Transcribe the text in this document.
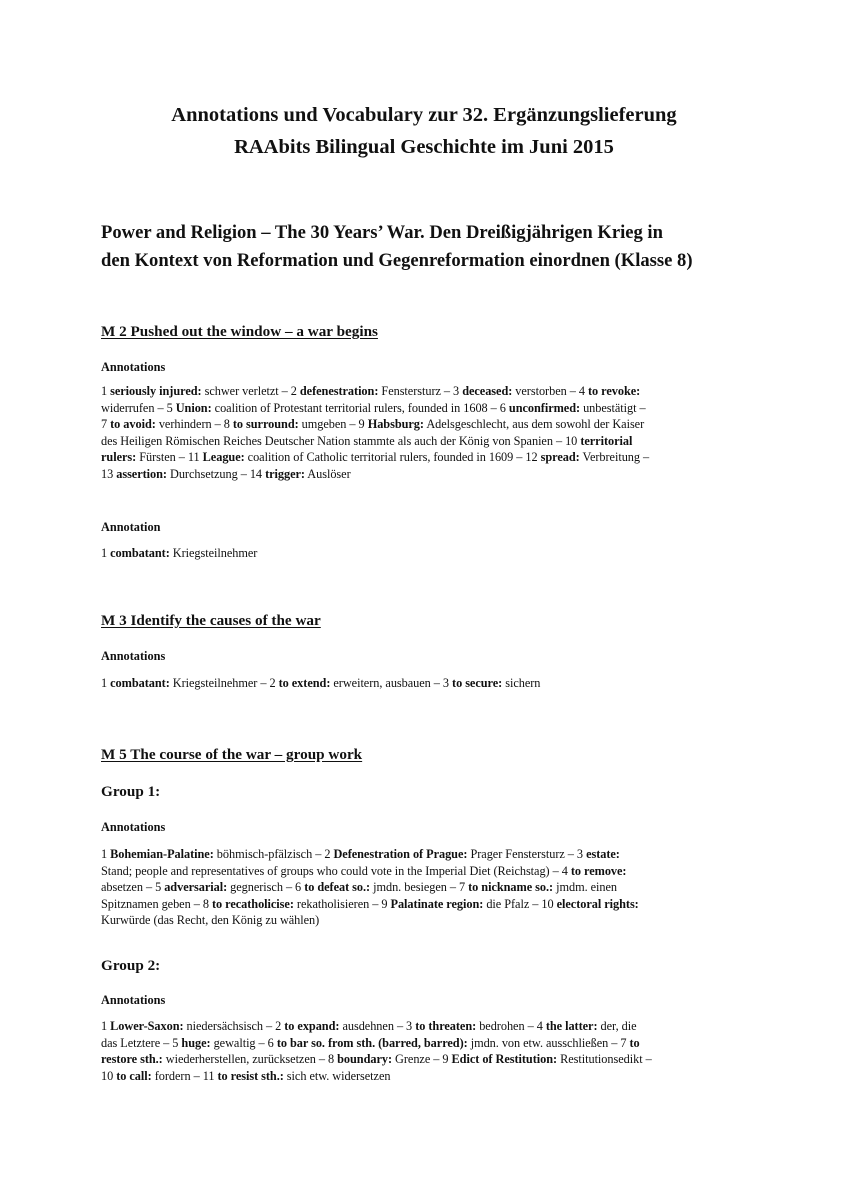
Annotations und Vocabulary zur 32. Ergänzungslieferung
RAAbits Bilingual Geschichte im Juni 2015
Power and Religion – The 30 Years’ War. Den Dreißigjährigen Krieg in
den Kontext von Reformation und Gegenreformation einordnen (Klasse 8)
M 2 Pushed out the window – a war begins
Annotations
1 seriously injured: schwer verletzt – 2 defenestration: Fenstersturz – 3 deceased: verstorben – 4 to revoke:
widerrufen – 5 Union: coalition of Protestant territorial rulers, founded in 1608 – 6 unconfirmed: unbestätigt –
7 to avoid: verhindern – 8 to surround: umgeben – 9 Habsburg: Adelsgeschlecht, aus dem sowohl der Kaiser
des Heiligen Römischen Reiches Deutscher Nation stammte als auch der König von Spanien – 10 territorial
rulers: Fürsten – 11 League: coalition of Catholic territorial rulers, founded in 1609 – 12 spread: Verbreitung –
13 assertion: Durchsetzung – 14 trigger: Auslöser
Annotation
1 combatant: Kriegsteilnehmer
M 3 Identify the causes of the war
Annotations
1 combatant: Kriegsteilnehmer – 2 to extend: erweitern, ausbauen – 3 to secure: sichern
M 5 The course of the war – group work
Group 1:
Annotations
1 Bohemian-Palatine: böhmisch-pfälzisch – 2 Defenestration of Prague: Prager Fenstersturz – 3 estate:
Stand; people and representatives of groups who could vote in the Imperial Diet (Reichstag) – 4 to remove:
absetzen – 5 adversarial: gegnerisch – 6 to defeat so.: jmdn. besiegen – 7 to nickname so.: jmdm. einen
Spitznamen geben – 8 to recatholicise: rekatholisieren – 9 Palatinate region: die Pfalz – 10 electoral rights:
Kurwürde (das Recht, den König zu wählen)
Group 2:
Annotations
1 Lower-Saxon: niedersächsisch – 2 to expand: ausdehnen – 3 to threaten: bedrohen – 4 the latter: der, die
das Letztere – 5 huge: gewaltig – 6 to bar so. from sth. (barred, barred): jmdn. von etw. ausschließen – 7 to
restore sth.: wiederherstellen, zurücksetzen – 8 boundary: Grenze – 9 Edict of Restitution: Restitutionsedikt –
10 to call: fordern – 11 to resist sth.: sich etw. widersetzen
